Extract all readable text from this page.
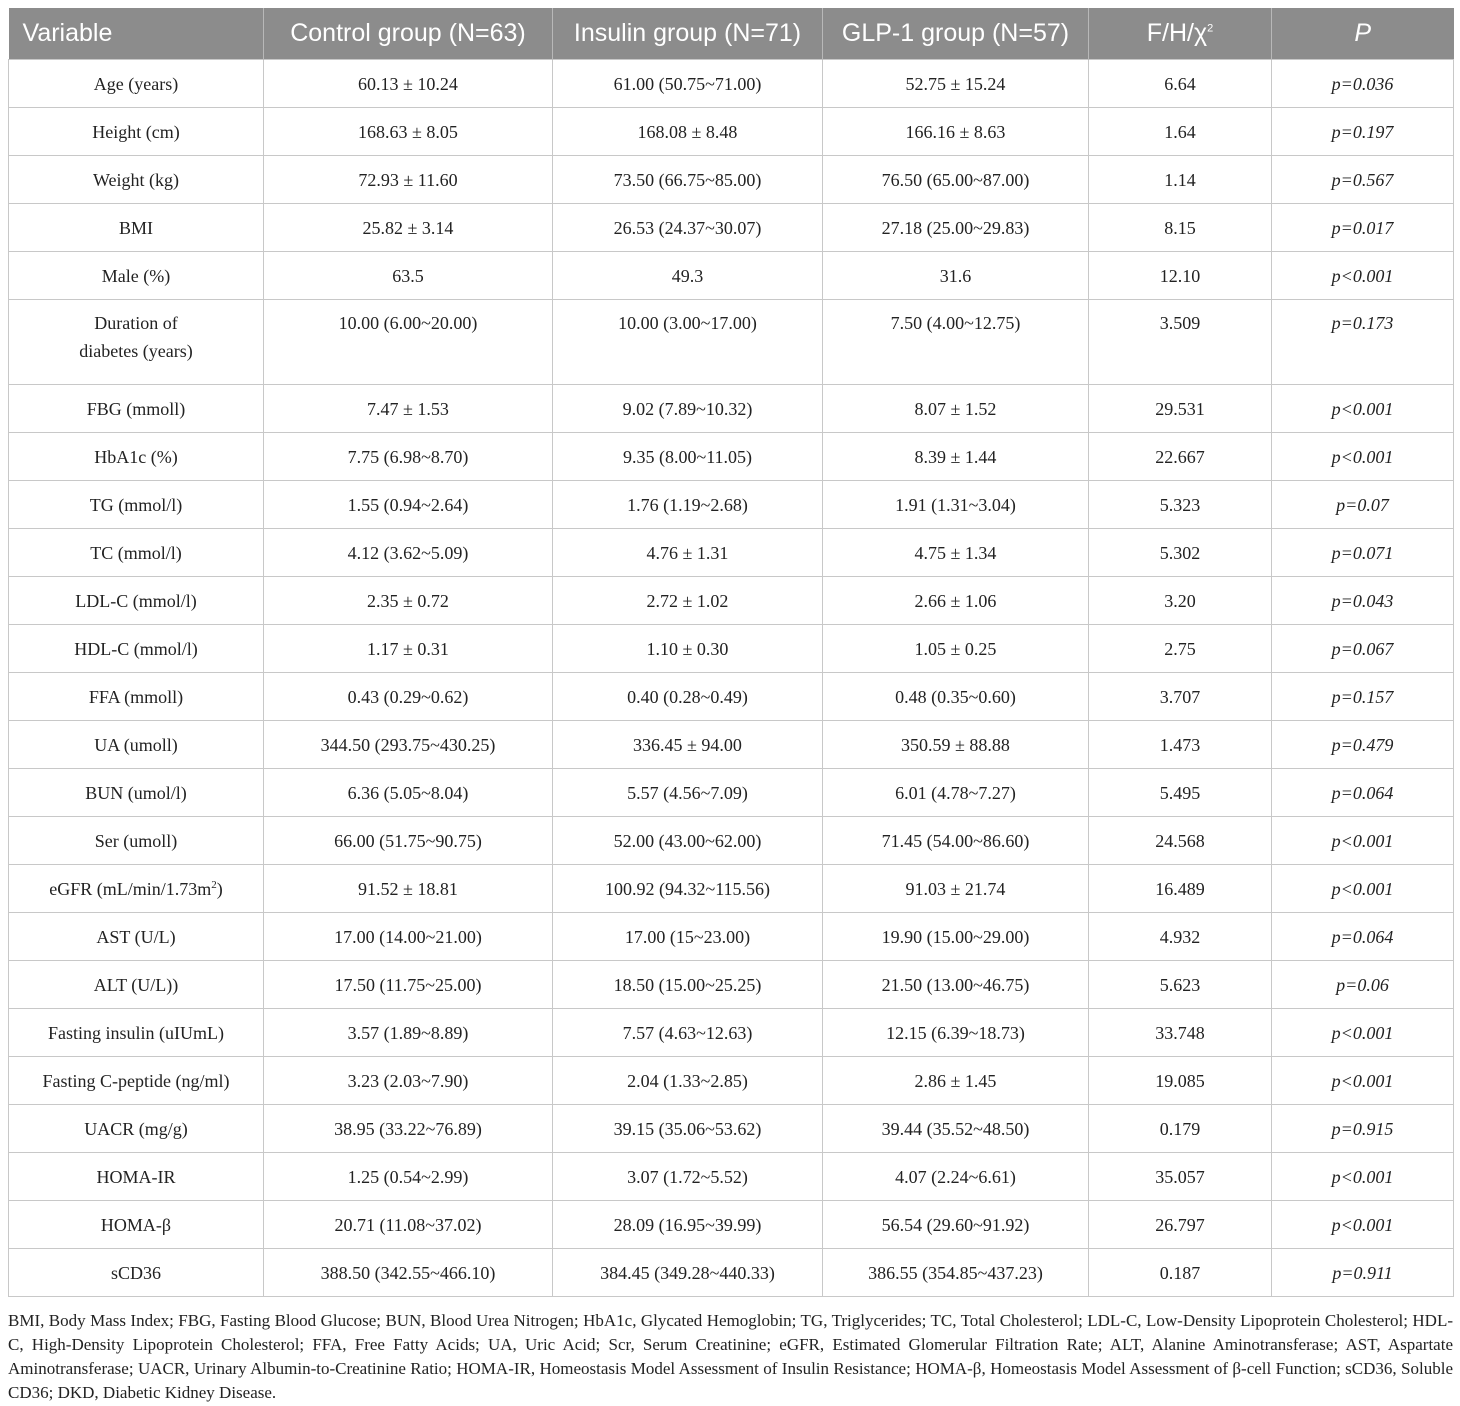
Variable	Control group (N=63)	Insulin group (N=71)	GLP-1 group (N=57)	$F/H/\chi^2$	P
Age (years)	60.13 ± 10.24	61.00 (50.75~71.00)	52.75 ± 15.24	6.64	p=0.036
Height (cm)	168.63 ± 8.05	168.08 ± 8.48	166.16 ± 8.63	1.64	p=0.197
Weight (kg)	72.93 ± 11.60	73.50 (66.75~85.00)	76.50 (65.00~87.00)	1.14	p=0.567
BMI	25.82 ± 3.14	26.53 (24.37~30.07)	27.18 (25.00~29.83)	8.15	p=0.017
Male (%)	63.5	49.3	31.6	12.10	p<0.001
Duration of
diabetes (years)	10.00 (6.00~20.00)	10.00 (3.00~17.00)	7.50 (4.00~12.75)	3.509	p=0.173
FBG (mmoll)	7.47 ± 1.53	9.02 (7.89~10.32)	8.07 ± 1.52	29.531	p<0.001
HbA1c (%)	7.75 (6.98~8.70)	9.35 (8.00~11.05)	8.39 ± 1.44	22.667	p<0.001
TG (mmol/l)	1.55 (0.94~2.64)	1.76 (1.19~2.68)	1.91 (1.31~3.04)	5.323	p=0.07
TC (mmol/l)	4.12 (3.62~5.09)	4.76 ± 1.31	4.75 ± 1.34	5.302	p=0.071
LDL-C (mmol/l)	2.35 ± 0.72	2.72 ± 1.02	2.66 ± 1.06	3.20	p=0.043
HDL-C (mmol/l)	1.17 ± 0.31	1.10 ± 0.30	1.05 ± 0.25	2.75	p=0.067
FFA (mmoll)	0.43 (0.29~0.62)	0.40 (0.28~0.49)	0.48 (0.35~0.60)	3.707	p=0.157
UA (umoll)	344.50 (293.75~430.25)	336.45 ± 94.00	350.59 ± 88.88	1.473	p=0.479
BUN (umol/l)	6.36 (5.05~8.04)	5.57 (4.56~7.09)	6.01 (4.78~7.27)	5.495	p=0.064
Ser (umoll)	66.00 (51.75~90.75)	52.00 (43.00~62.00)	71.45 (54.00~86.60)	24.568	p<0.001
eGFR $(mL/\min/1.73m^2)$	91.52 ± 18.81	100.92 (94.32~115.56)	91.03 ± 21.74	16.489	p<0.001
AST (U/L)	17.00 (14.00~21.00)	17.00 (15~23.00)	19.90 (15.00~29.00)	4.932	p=0.064
ALT (U/L))	17.50 (11.75~25.00)	18.50 (15.00~25.25)	21.50 (13.00~46.75)	5.623	p=0.06
Fasting insulin (uIUmL)	3.57 (1.89~8.89)	7.57 (4.63~12.63)	12.15 (6.39~18.73)	33.748	p<0.001
Fasting C-peptide (ng/ml)	3.23 (2.03~7.90)	2.04 (1.33~2.85)	2.86 ± 1.45	19.085	p<0.001
UACR (mg/g)	38.95 (33.22~76.89)	39.15 (35.06~53.62)	39.44 (35.52~48.50)	0.179	p=0.915
HOMA-IR	1.25 (0.54~2.99)	3.07 (1.72~5.52)	4.07 (2.24~6.61)	35.057	p<0.001
HOMA-β	20.71 (11.08~37.02)	28.09 (16.95~39.99)	56.54 (29.60~91.92)	26.797	p<0.001
sCD36	388.50 (342.55~466.10)	384.45 (349.28~440.33)	386.55 (354.85~437.23)	0.187	p=0.911
BMI, Body Mass Index; FBG, Fasting Blood Glucose; BUN, Blood Urea Nitrogen; HbA1c, Glycated Hemoglobin; TG, Triglycerides; TC, Total Cholesterol; LDL-C, Low-Density Lipoprotein Cholesterol; HDL-C, High-Density Lipoprotein Cholesterol; FFA, Free Fatty Acids; UA, Uric Acid; Scr, Serum Creatinine; eGFR, Estimated Glomerular Filtration Rate; ALT, Alanine Aminotransferase; AST, Aspartate Aminotransferase; UACR, Urinary Albumin-to-Creatinine Ratio; HOMA-IR, Homeostasis Model Assessment of Insulin Resistance; HOMA-β, Homeostasis Model Assessment of β-cell Function; sCD36, Soluble CD36; DKD, Diabetic Kidney Disease.
